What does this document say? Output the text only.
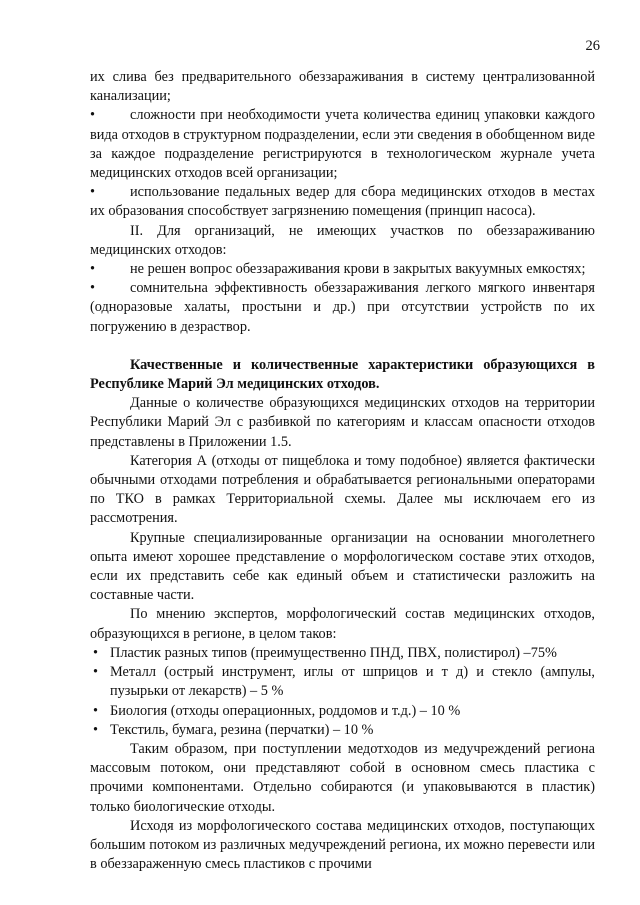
26

их слива без предварительного обеззараживания в систему централизованной канализации;

• сложности при необходимости учета количества единиц упаковки каждого вида отходов в структурном подразделении, если эти сведения в обобщенном виде за каждое подразделение регистрируются в технологическом журнале учета медицинских отходов всей организации;

• использование педальных ведер для сбора медицинских отходов в местах их образования способствует загрязнению помещения (принцип насоса).

II. Для организаций, не имеющих участков по обеззараживанию медицинских отходов:

• не решен вопрос обеззараживания крови в закрытых вакуумных емкостях;

• сомнительна эффективность обеззараживания легкого мягкого инвентаря (одноразовые халаты, простыни и др.) при отсутствии устройств по их погружению в дезраствор.

Качественные и количественные характеристики образующихся в Республике Марий Эл медицинских отходов.

Данные о количестве образующихся медицинских отходов на территории Республики Марий Эл с разбивкой по категориям и классам опасности отходов представлены в Приложении 1.5.

Категория А (отходы от пищеблока и тому подобное) является фактически обычными отходами потребления и обрабатывается региональными операторами по ТКО в рамках Территориальной схемы. Далее мы исключаем его из рассмотрения.

Крупные специализированные организации на основании многолетнего опыта имеют хорошее представление о морфологическом составе этих отходов, если их представить себе как единый объем и статистически разложить на составные части.

По мнению экспертов, морфологический состав медицинских отходов, образующихся в регионе, в целом таков:

• Пластик разных типов (преимущественно ПНД, ПВХ, полистирол) –75%
• Металл (острый инструмент, иглы от шприцов и т д) и стекло (ампулы, пузырьки от лекарств) – 5 %
• Биология (отходы операционных, роддомов и т.д.) – 10 %
• Текстиль, бумага, резина (перчатки) – 10 %

Таким образом, при поступлении медотходов из медучреждений региона массовым потоком, они представляют собой в основном смесь пластика с прочими компонентами. Отдельно собираются (и упаковываются в пластик) только биологические отходы.

Исходя из морфологического состава медицинских отходов, поступающих большим потоком из различных медучреждений региона, их можно перевести или в обеззараженную смесь пластиков с прочими
